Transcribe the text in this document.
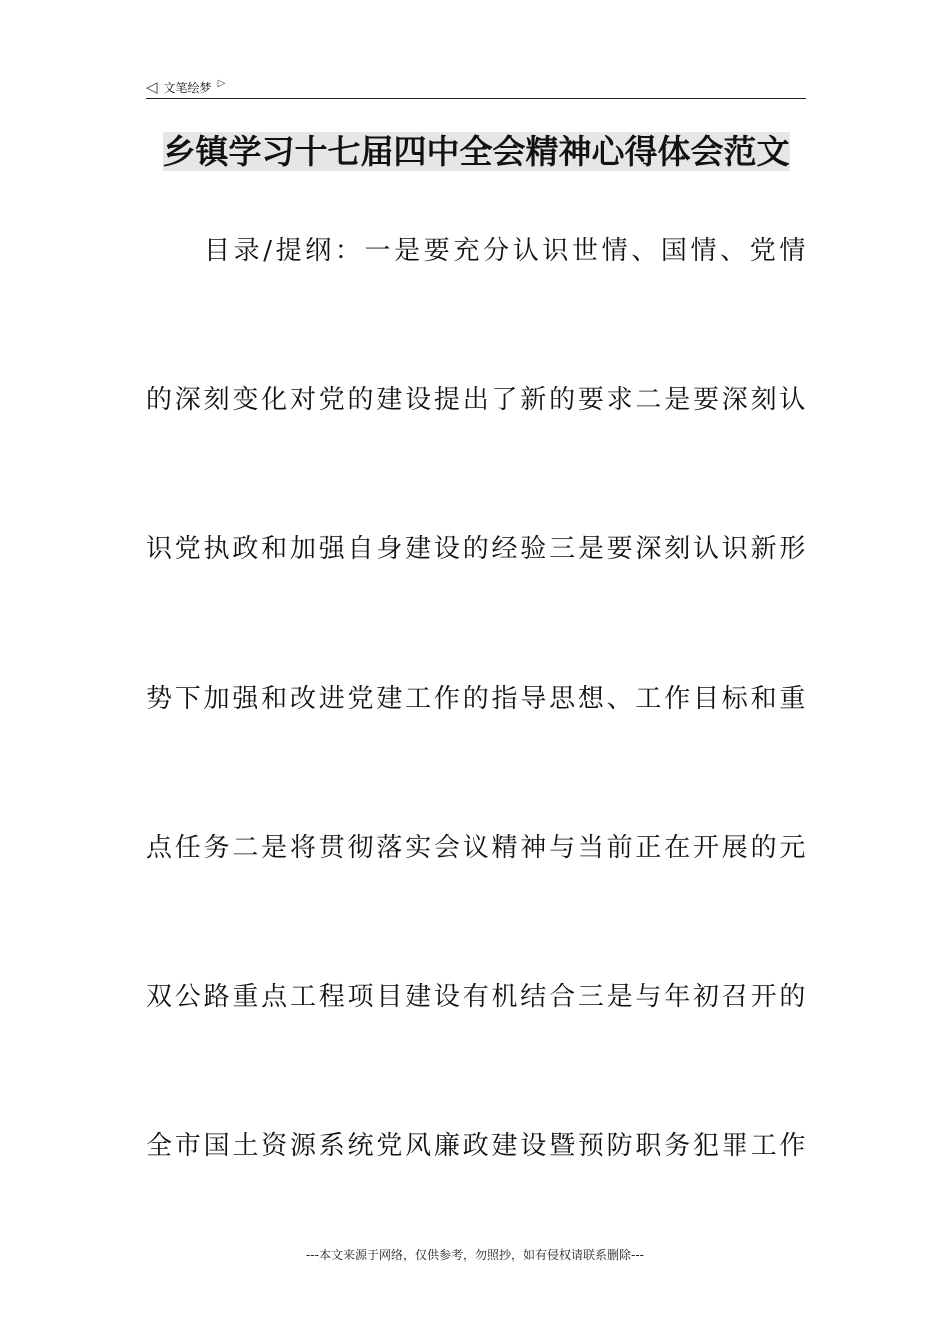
◁ 文笔绘梦 ▷
乡镇学习十七届四中全会精神心得体会范文
目录/提纲：一是要充分认识世情、国情、党情
的深刻变化对党的建设提出了新的要求二是要深刻认
识党执政和加强自身建设的经验三是要深刻认识新形
势下加强和改进党建工作的指导思想、工作目标和重
点任务二是将贯彻落实会议精神与当前正在开展的元
双公路重点工程项目建设有机结合三是与年初召开的
全市国土资源系统党风廉政建设暨预防职务犯罪工作
---本文来源于网络，仅供参考，勿照抄，如有侵权请联系删除---
